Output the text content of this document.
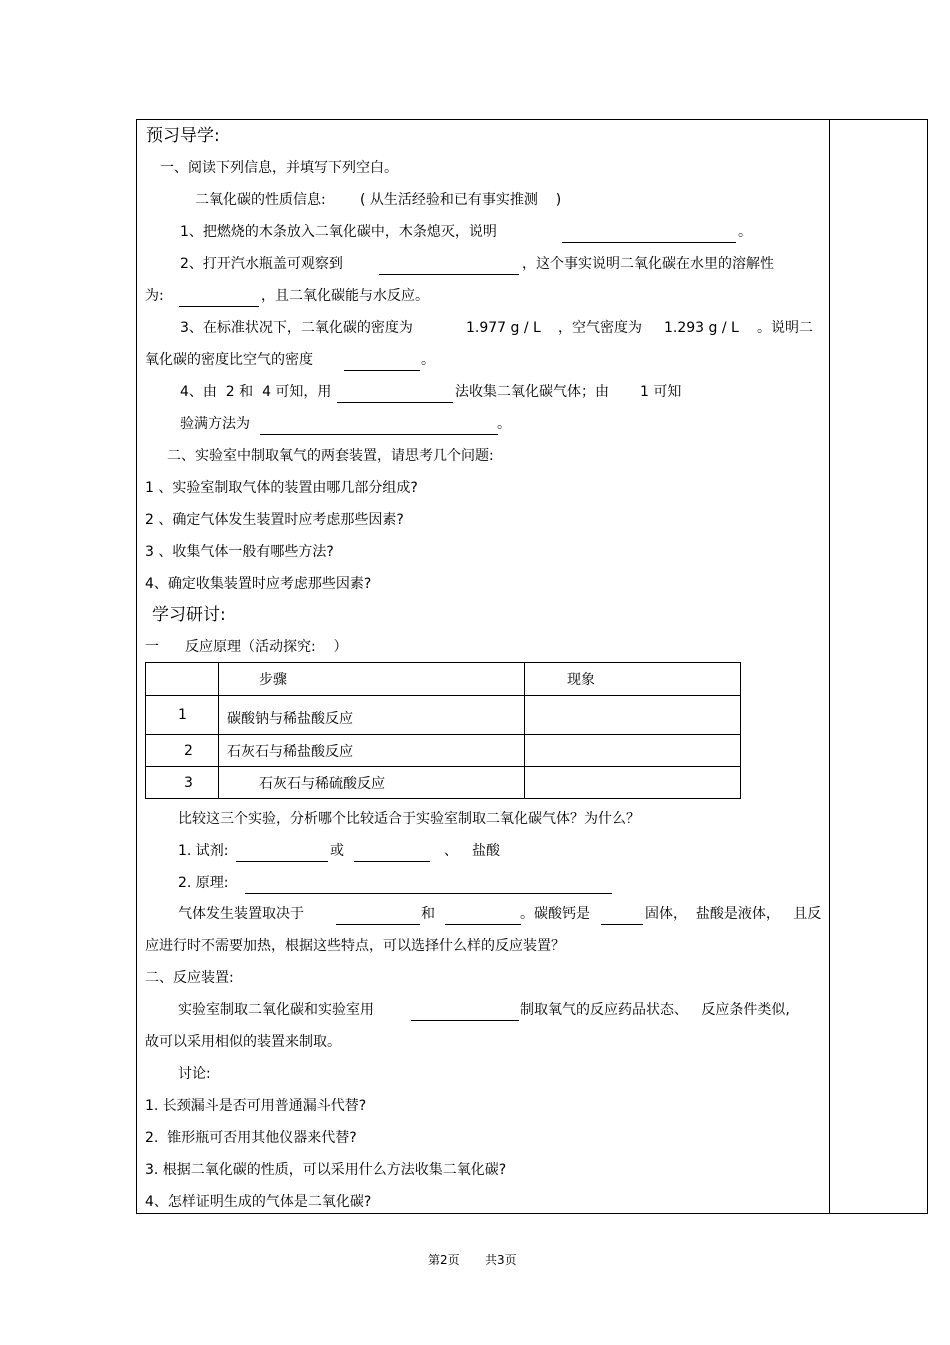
预习导学:
一、阅读下列信息，并填写下列空白。
二氧化碳的性质信息: ( 从生活经验和已有事实推测    )
1、把燃烧的木条放入二氧化碳中，木条熄灭，说明	。
2、打开汽水瓶盖可观察到	，这个事实说明二氧化碳在水里的溶解性
为:	，且二氧化碳能与水反应。
3、在标准状况下，二氧化碳的密度为	1.977 g / L ，空气密度为 1.293 g / L 。说明二
氧化碳的密度比空气的密度	。
4、由  2 和  4 可知，用	法收集二氧化碳气体；由 1 可知
验满方法为	。
二、实验室中制取氧气的两套装置，请思考几个问题:
1 、实验室制取气体的装置由哪几部分组成?
2 、确定气体发生装置时应考虑那些因素?
3 、收集气体一般有哪些方法?
4、确定收集装置时应考虑那些因素?
学习研讨:
一 反应原理（活动探究:    ）
	步骤	现象
1	碳酸钠与稀盐酸反应	
2	石灰石与稀盐酸反应	
3	石灰石与稀硫酸反应	
比较这三个实验，分析哪个比较适合于实验室制取二氧化碳气体？为什么？
1. 试剂:	或	、 盐酸
2. 原理:
气体发生装置取决于	和	。碳酸钙是	固体，  盐酸是液体，   且反
应进行时不需要加热，根据这些特点，可以选择什么样的反应装置？
二、反应装置:
实验室制取二氧化碳和实验室用	制取氧气的反应药品状态、   反应条件类似,
故可以采用相似的装置来制取。
讨论:
1. 长颈漏斗是否可用普通漏斗代替?
2.  锥形瓶可否用其他仪器来代替?
3. 根据二氧化碳的性质，可以采用什么方法收集二氧化碳?
4、怎样证明生成的气体是二氧化碳?
第2页 共3页
